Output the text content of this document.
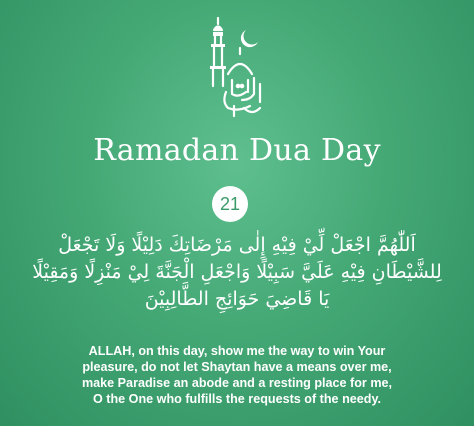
Ramadan Dua Day
21
اَللّٰهُمَّ اجْعَلْ لِّيْ فِيْهِ إِلٰى مَرْضَاتِكَ دَلِيْلًا وَلَا تَجْعَلْ
لِلشَّيْطَانِ فِيْهِ عَلَيَّ سَبِيْلًا وَاجْعَلِ الْجَنَّةَ لِيْ مَنْزِلًا وَمَقِيْلًا
يَا قَاضِيَ حَوَائِجِ الطَّالِبِيْنَ
ALLAH, on this day, show me the way to win Your
pleasure, do not let Shaytan have a means over me,
make Paradise an abode and a resting place for me,
O the One who fulfills the requests of the needy.
